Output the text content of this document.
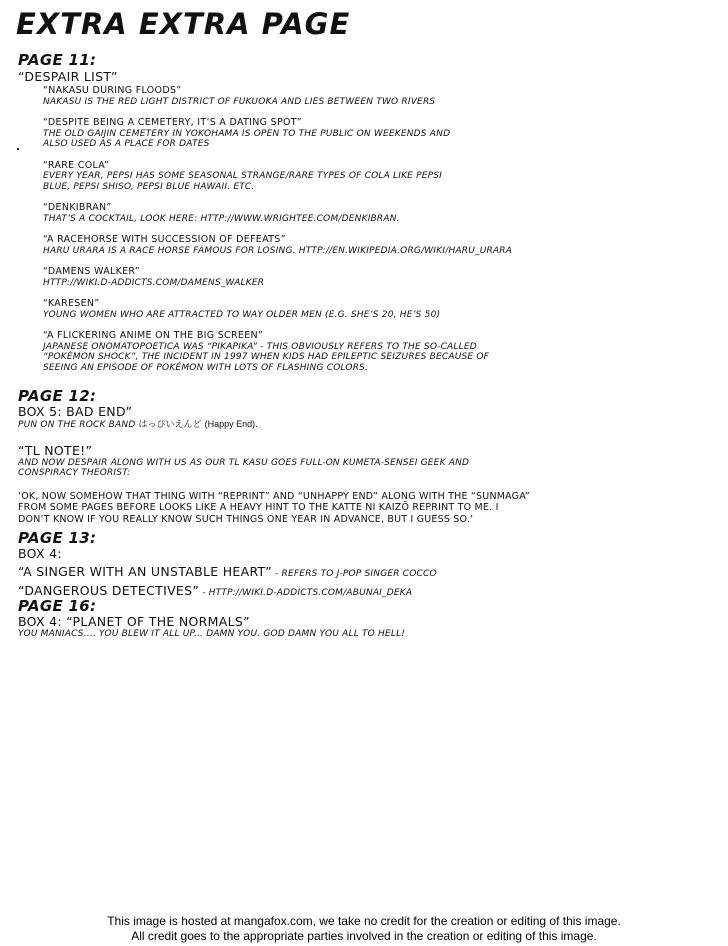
EXTRA EXTRA PAGE
PAGE 11:
“DESPAIR LIST”
“NAKASU DURING FLOODS”
NAKASU IS THE RED LIGHT DISTRICT OF FUKUOKA AND LIES BETWEEN TWO RIVERS
“DESPITE BEING A CEMETERY, IT’S A DATING SPOT”
THE OLD GAIJIN CEMETERY IN YOKOHAMA IS OPEN TO THE PUBLIC ON WEEKENDS AND
ALSO USED AS A PLACE FOR DATES
“RARE COLA”
EVERY YEAR, PEPSI HAS SOME SEASONAL STRANGE/RARE TYPES OF COLA LIKE PEPSI
BLUE, PEPSI SHISO, PEPSI BLUE HAWAII. ETC.
“DENKIBRAN”
THAT’S A COCKTAIL, LOOK HERE: HTTP://WWW.WRIGHTEE.COM/DENKIBRAN.
“A RACEHORSE WITH SUCCESSION OF DEFEATS”
HARU URARA IS A RACE HORSE FAMOUS FOR LOSING. HTTP://EN.WIKIPEDIA.ORG/WIKI/HARU_URARA
“DAMENS WALKER”
HTTP://WIKI.D-ADDICTS.COM/DAMENS_WALKER
“KARESEN”
YOUNG WOMEN WHO ARE ATTRACTED TO WAY OLDER MEN (E.G. SHE’S 20, HE’S 50)
“A FLICKERING ANIME ON THE BIG SCREEN”
JAPANESE ONOMATOPOETICA WAS “PIKAPIKA” - THIS OBVIOUSLY REFERS TO THE SO-CALLED
“POKÉMON SHOCK”, THE INCIDENT IN 1997 WHEN KIDS HAD EPILEPTIC SEIZURES BECAUSE OF
SEEING AN EPISODE OF POKÉMON WITH LOTS OF FLASHING COLORS.
PAGE 12:
BOX 5: BAD END”
PUN ON THE ROCK BAND はっぴいえんど (Happy End).
“TL NOTE!”
AND NOW DESPAIR ALONG WITH US AS OUR TL KASU GOES FULL-ON KUMETA-SENSEI GEEK AND
CONSPIRACY THEORIST:
‘OK, NOW SOMEHOW THAT THING WITH “REPRINT” AND “UNHAPPY END” ALONG WITH THE “SUNMAGA”
FROM SOME PAGES BEFORE LOOKS LIKE A HEAVY HINT TO THE KATTE NI KAIZŌ REPRINT TO ME. I
DON’T KNOW IF YOU REALLY KNOW SUCH THINGS ONE YEAR IN ADVANCE, BUT I GUESS SO.’
PAGE 13:
BOX 4:
“A SINGER WITH AN UNSTABLE HEART” - REFERS TO J-POP SINGER COCCO
“DANGEROUS DETECTIVES” - HTTP://WIKI.D-ADDICTS.COM/ABUNAI_DEKA
PAGE 16:
BOX 4: “PLANET OF THE NORMALS”
YOU MANIACS.... YOU BLEW IT ALL UP... DAMN YOU. GOD DAMN YOU ALL TO HELL!
This image is hosted at mangafox.com, we take no credit for the creation or editing of this image.
All credit goes to the appropriate parties involved in the creation or editing of this image.
